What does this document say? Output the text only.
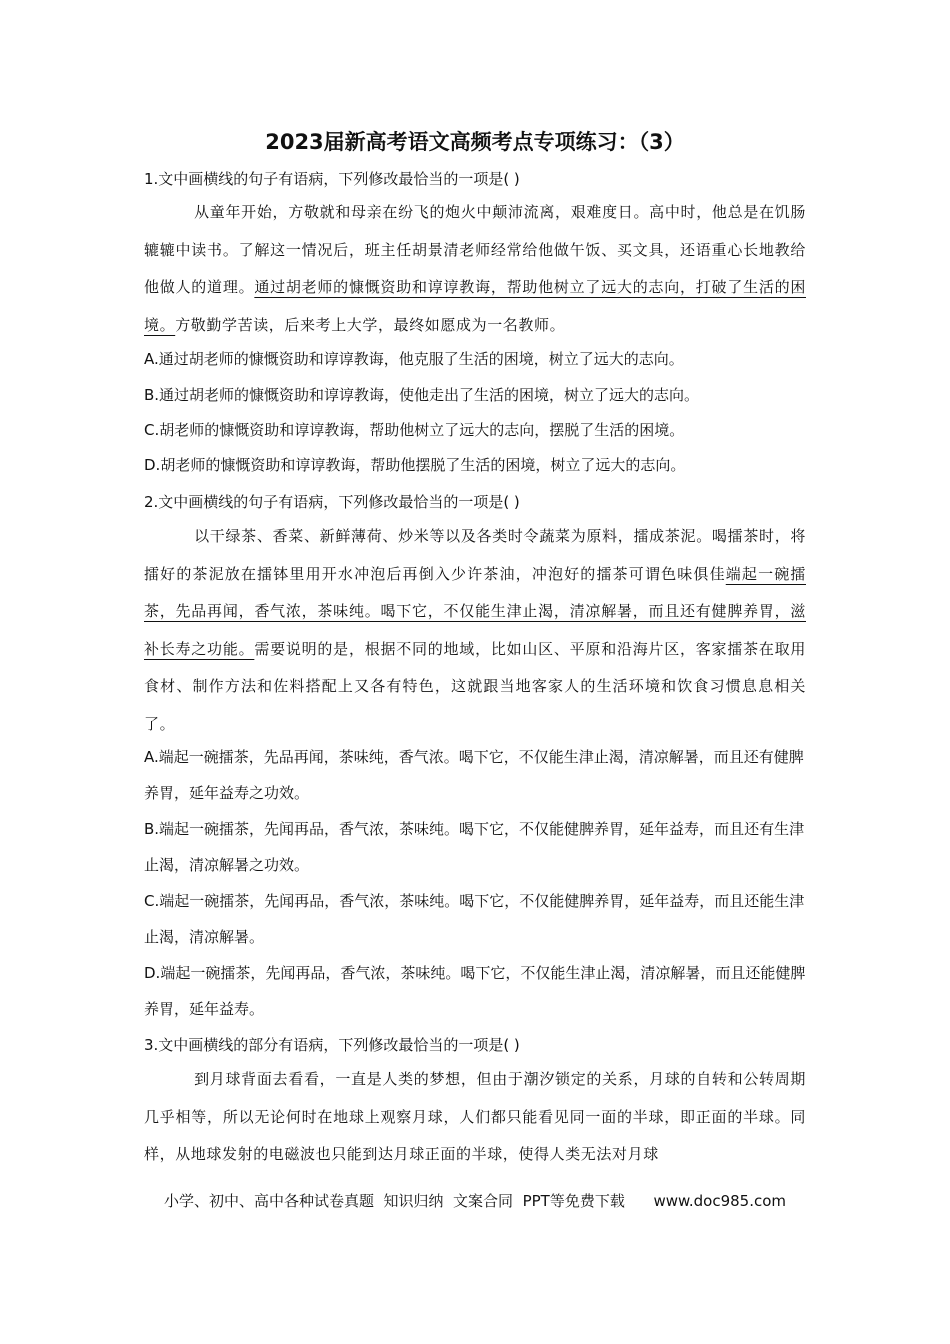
2023届新高考语文高频考点专项练习：（3）
1.文中画横线的句子有语病，下列修改最恰当的一项是( )
从童年开始，方敬就和母亲在纷飞的炮火中颠沛流离，艰难度日。高中时，他总是在饥肠辘辘中读书。了解这一情况后，班主任胡景清老师经常给他做午饭、买文具，还语重心长地教给他做人的道理。通过胡老师的慷慨资助和谆谆教诲，帮助他树立了远大的志向，打破了生活的困境。方敬勤学苦读，后来考上大学，最终如愿成为一名教师。
A.通过胡老师的慷慨资助和谆谆教诲，他克服了生活的困境，树立了远大的志向。
B.通过胡老师的慷慨资助和谆谆教诲，使他走出了生活的困境，树立了远大的志向。
C.胡老师的慷慨资助和谆谆教诲，帮助他树立了远大的志向，摆脱了生活的困境。
D.胡老师的慷慨资助和谆谆教诲，帮助他摆脱了生活的困境，树立了远大的志向。
2.文中画横线的句子有语病，下列修改最恰当的一项是( )
以干绿茶、香菜、新鲜薄荷、炒米等以及各类时令蔬菜为原料，擂成茶泥。喝擂茶时，将擂好的茶泥放在擂钵里用开水冲泡后再倒入少许茶油，冲泡好的擂茶可谓色味俱佳端起一碗擂茶，先品再闻，香气浓，茶味纯。喝下它，不仅能生津止渴，清凉解暑，而且还有健脾养胃，滋补长寿之功能。需要说明的是，根据不同的地域，比如山区、平原和沿海片区，客家擂茶在取用食材、制作方法和佐料搭配上又各有特色，这就跟当地客家人的生活环境和饮食习惯息息相关了。
A.端起一碗擂茶，先品再闻，茶味纯，香气浓。喝下它，不仅能生津止渴，清凉解暑，而且还有健脾养胃，延年益寿之功效。
B.端起一碗擂茶，先闻再品，香气浓，茶味纯。喝下它，不仅能健脾养胃，延年益寿，而且还有生津止渴，清凉解暑之功效。
C.端起一碗擂茶，先闻再品，香气浓，茶味纯。喝下它，不仅能健脾养胃，延年益寿，而且还能生津止渴，清凉解暑。
D.端起一碗擂茶，先闻再品，香气浓，茶味纯。喝下它，不仅能生津止渴，清凉解暑，而且还能健脾养胃，延年益寿。
3.文中画横线的部分有语病，下列修改最恰当的一项是( )
到月球背面去看看，一直是人类的梦想，但由于潮汐锁定的关系，月球的自转和公转周期几乎相等，所以无论何时在地球上观察月球，人们都只能看见同一面的半球，即正面的半球。同样，从地球发射的电磁波也只能到达月球正面的半球，使得人类无法对月球
小学、初中、高中各种试卷真题  知识归纳  文案合同  PPT等免费下载      www.doc985.com
